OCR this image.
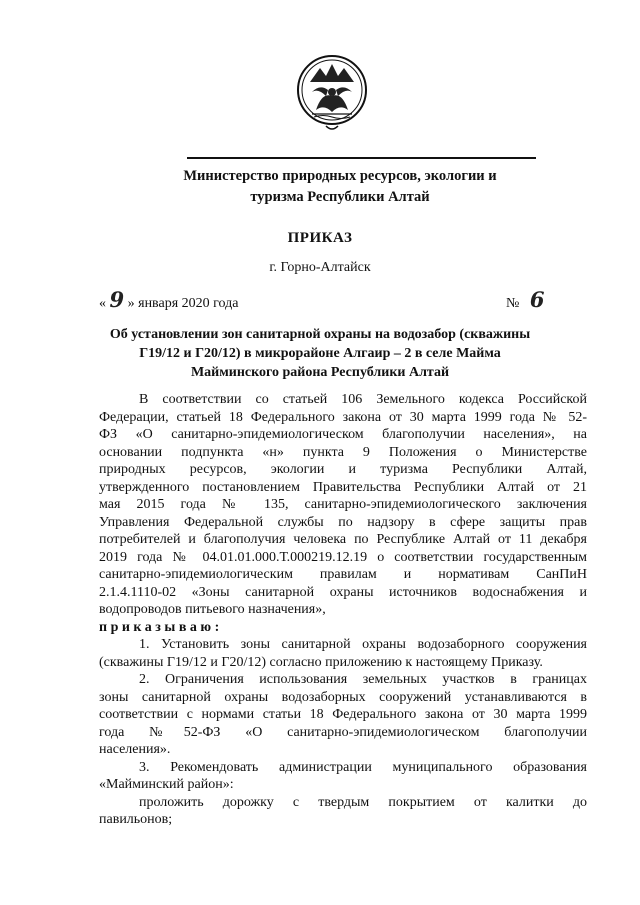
Министерство природных ресурсов, экологии и
туризма Республики Алтай
ПРИКАЗ
г. Горно-Алтайск
« 9 » января 2020 года	№ 6
Об установлении зон санитарной охраны на водозабор (скважины
Г19/12 и Г20/12) в микрорайоне Алгаир – 2 в селе Майма
Майминского района Республики Алтай
В соответствии со статьей 106 Земельного кодекса Российской
Федерации, статьей 18 Федерального закона от 30 марта 1999 года № 52-
ФЗ «О санитарно-эпидемиологическом благополучии населения», на
основании подпункта «н» пункта 9 Положения о Министерстве
природных ресурсов, экологии и туризма Республики Алтай,
утвержденного постановлением Правительства Республики Алтай от 21
мая 2015 года № 135, санитарно-эпидемиологического заключения
Управления Федеральной службы по надзору в сфере защиты прав
потребителей и благополучия человека по Республике Алтай от 11 декабря
2019 года № 04.01.01.000.Т.000219.12.19 о соответствии государственным
санитарно-эпидемиологическим правилам и нормативам СанПиН
2.1.4.1110-02 «Зоны санитарной охраны источников водоснабжения и
водопроводов питьевого назначения»,
приказываю:
1. Установить зоны санитарной охраны водозаборного сооружения
(скважины Г19/12 и Г20/12) согласно приложению к настоящему Приказу.
2. Ограничения использования земельных участков в границах
зоны санитарной охраны водозаборных сооружений устанавливаются в
соответствии с нормами статьи 18 Федерального закона от 30 марта 1999
года №52-ФЗ «О санитарно-эпидемиологическом благополучии
населения».
3. Рекомендовать администрации муниципального образования
«Майминский район»:
проложить дорожку с твердым покрытием от калитки до
павильонов;
